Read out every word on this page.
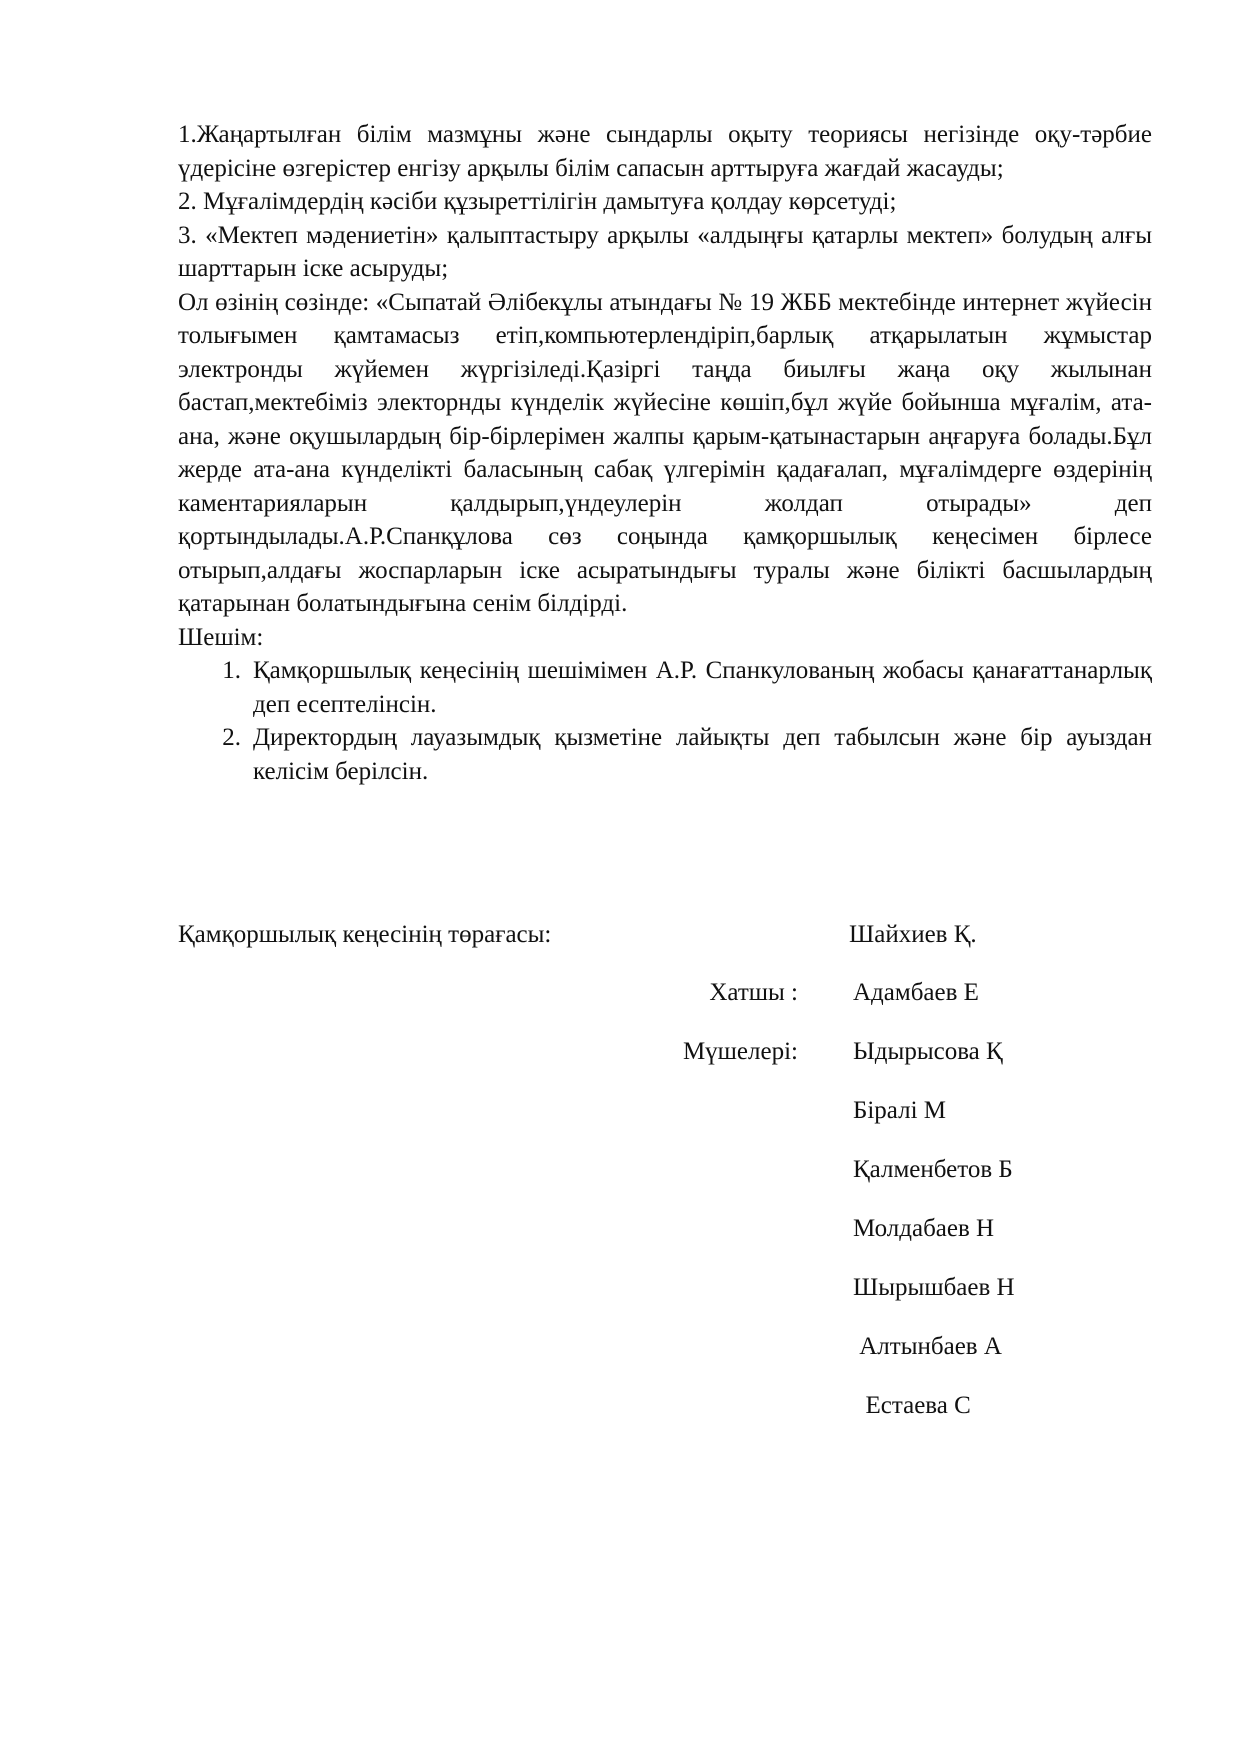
1.Жаңартылған білім мазмұны және сындарлы оқыту теориясы негізінде оқу-тәрбие үдерісіне өзгерістер енгізу арқылы білім сапасын арттыруға жағдай жасауды;

2. Мұғалімдердің кәсіби құзыреттілігін дамытуға қолдау көрсетуді;

3. «Мектеп мәдениетін» қалыптастыру арқылы «алдыңғы қатарлы мектеп» болудың алғы шарттарын іске асыруды;

Ол өзінің сөзінде: «Сыпатай Әлібекұлы атындағы № 19 ЖББ мектебінде интернет жүйесін толығымен қамтамасыз етіп,компьютерлендіріп,барлық атқарылатын жұмыстар электронды жүйемен жүргізіледі.Қазіргі таңда биылғы жаңа оқу жылынан бастап,мектебіміз электорнды күнделік жүйесіне көшіп,бұл жүйе бойынша мұғалім, ата-ана, және оқушылардың бір-бірлерімен жалпы қарым-қатынастарын аңғаруға болады.Бұл жерде ата-ана күнделікті баласының сабақ үлгерімін қадағалап, мұғалімдерге өздерінің каментарияларын қалдырып,үндеулерін жолдап отырады» деп қортындылады.А.Р.Спанқұлова сөз соңында қамқоршылық кеңесімен бірлесе отырып,алдағы жоспарларын іске асыратындығы туралы және білікті басшылардың қатарынан болатындығына сенім білдірді.

Шешім:

1. Қамқоршылық кеңесінің шешімімен А.Р. Спанкулованың жобасы қанағаттанарлық деп есептелінсін.
2. Директордың лауазымдық қызметіне лайықты деп табылсын және бір ауыздан келісім берілсін.
Қамқоршылық кеңесінің төрағасы:	Шайхиев Қ.
Хатшы : Адамбаев Е
Мүшелері: Ыдырысова Қ
Біралі М
Қалменбетов Б
Молдабаев Н
Шырышбаев Н
Алтынбаев А
Естаева С
